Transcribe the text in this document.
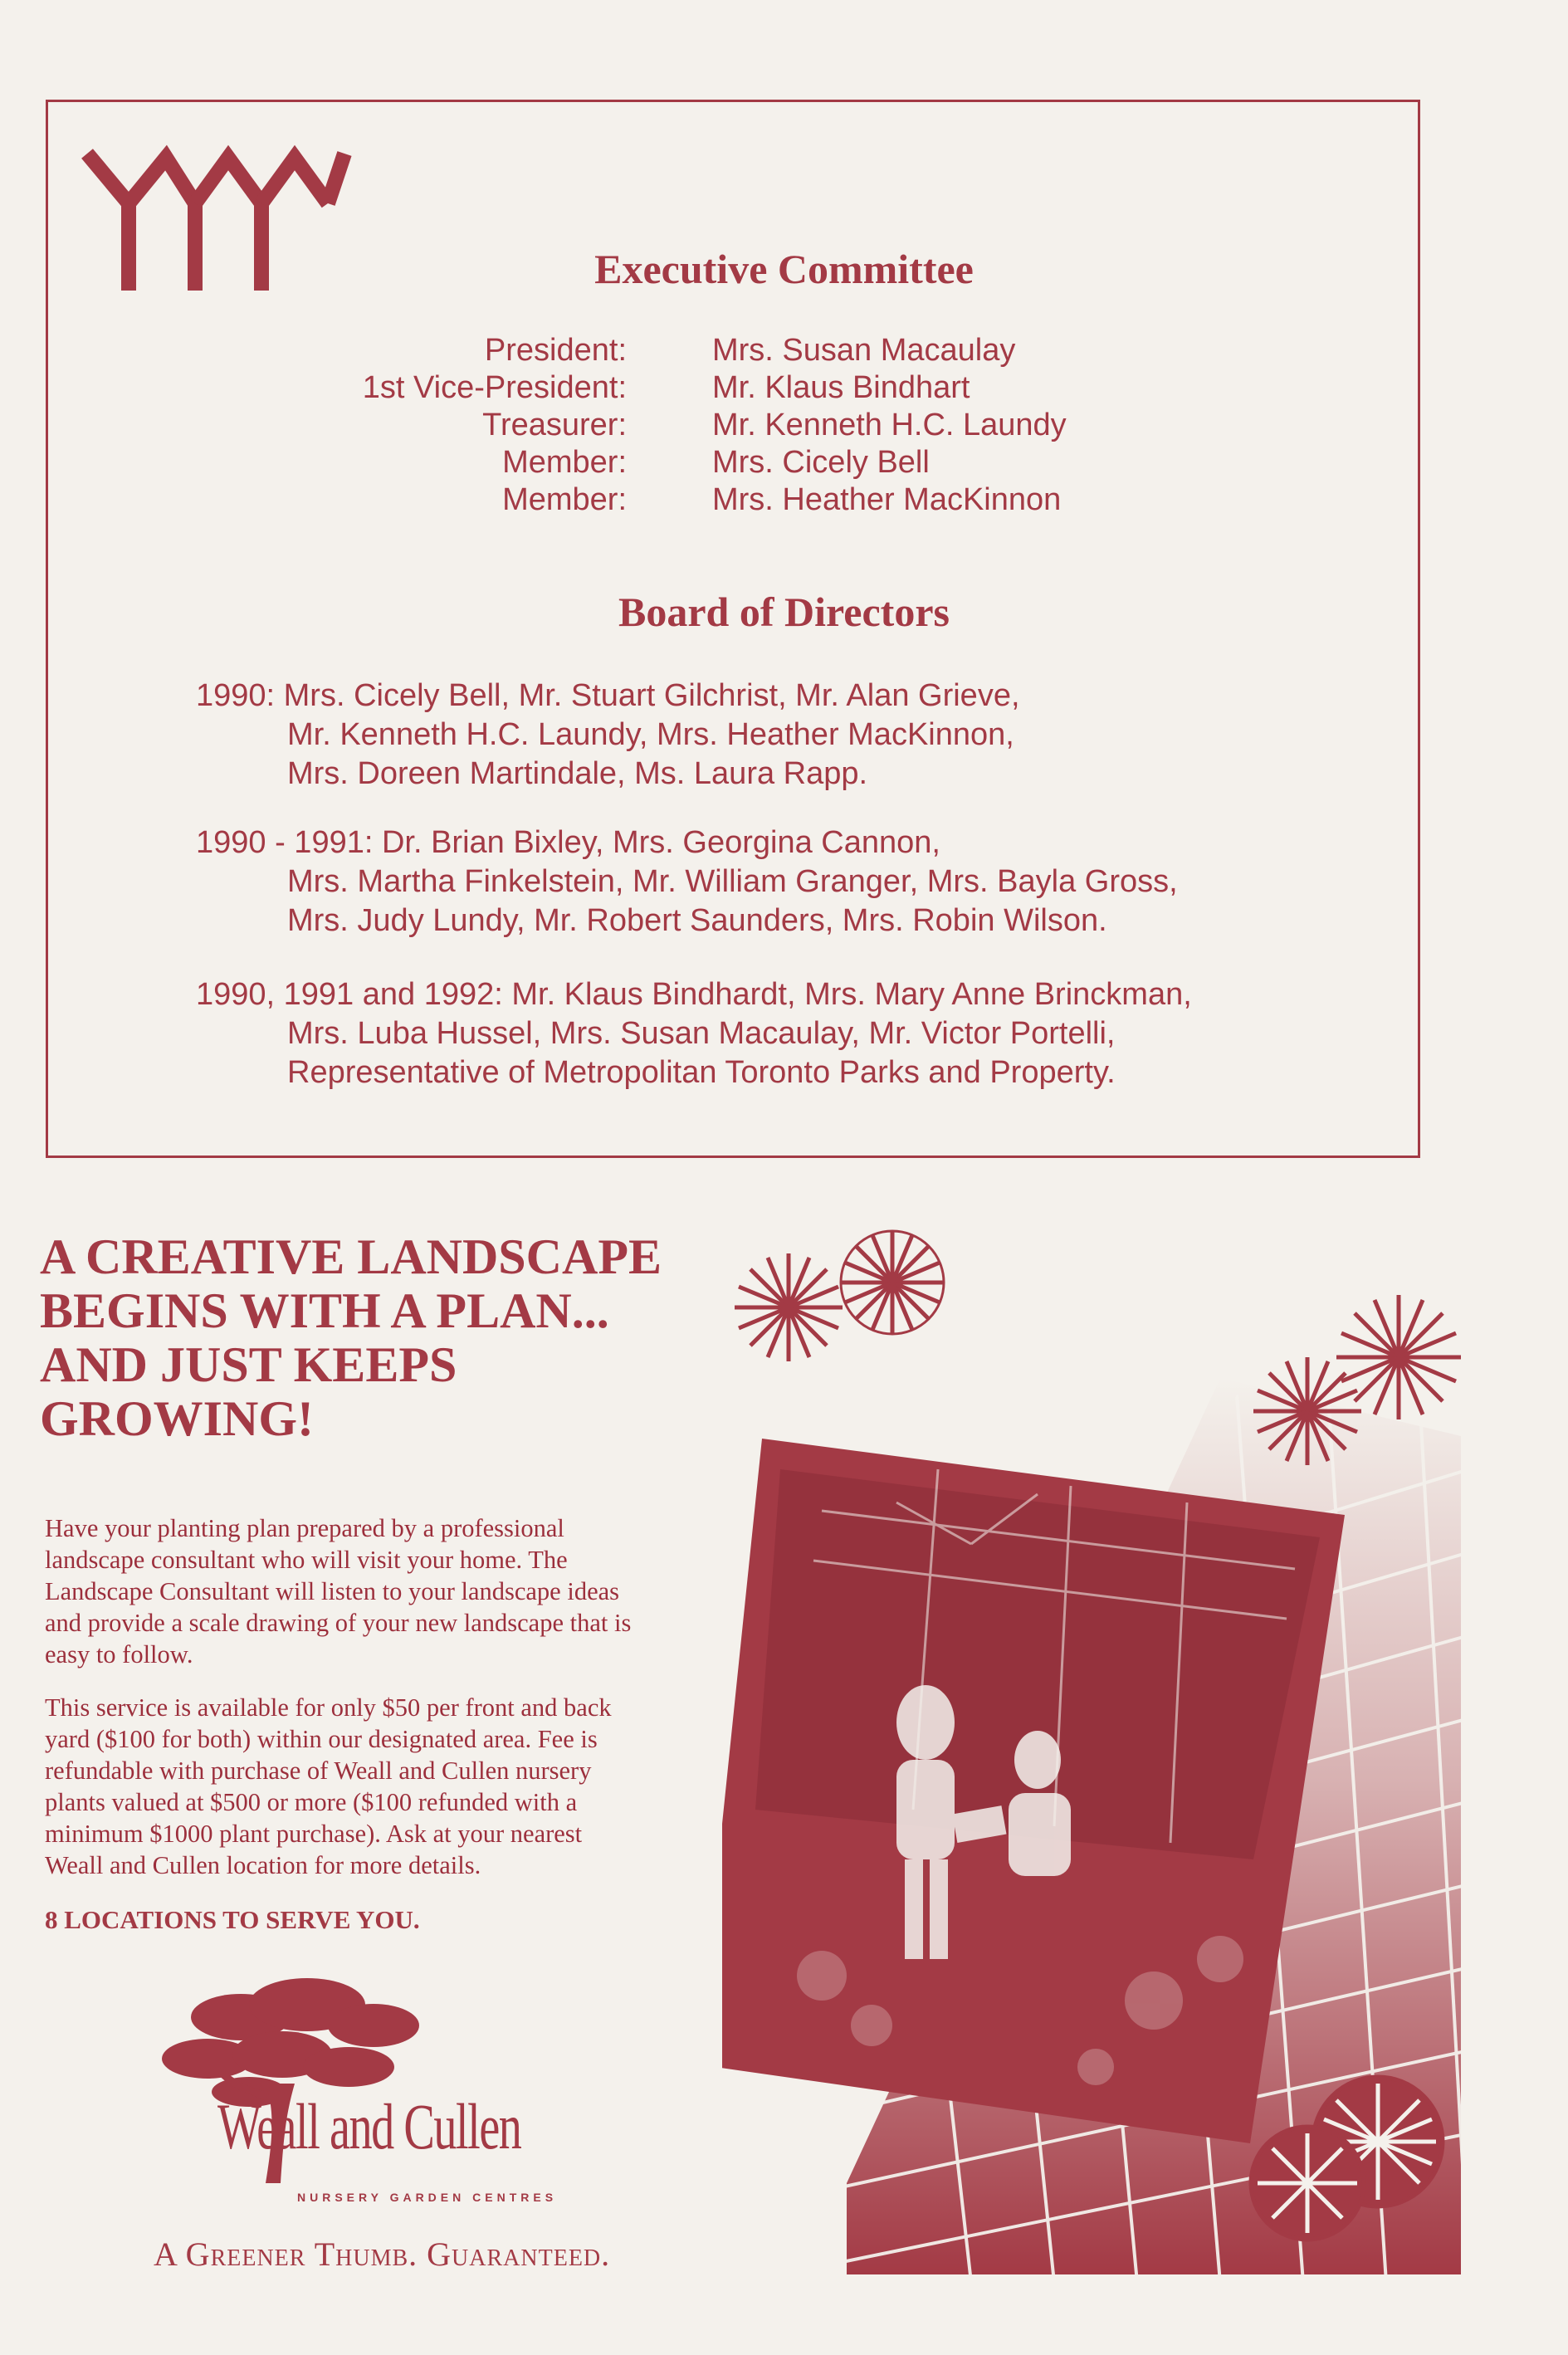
Executive Committee
President:	Mrs. Susan Macaulay
1st Vice-President:	Mr. Klaus Bindhart
Treasurer:	Mr. Kenneth H.C. Laundy
Member:	Mrs. Cicely Bell
Member:	Mrs. Heather MacKinnon
Board of Directors
1990: Mrs. Cicely Bell, Mr. Stuart Gilchrist, Mr. Alan Grieve,
Mr. Kenneth H.C. Laundy, Mrs. Heather MacKinnon,
Mrs. Doreen Martindale, Ms. Laura Rapp.
1990 - 1991: Dr. Brian Bixley, Mrs. Georgina Cannon,
Mrs. Martha Finkelstein, Mr. William Granger, Mrs. Bayla Gross,
Mrs. Judy Lundy, Mr. Robert Saunders, Mrs. Robin Wilson.
1990, 1991 and 1992: Mr. Klaus Bindhardt, Mrs. Mary Anne Brinckman,
Mrs. Luba Hussel, Mrs. Susan Macaulay, Mr. Victor Portelli,
Representative of Metropolitan Toronto Parks and Property.
A CREATIVE LANDSCAPE
BEGINS WITH A PLAN...
AND JUST KEEPS
GROWING!
Have your planting plan prepared by a professional
landscape consultant who will visit your home. The
Landscape Consultant will listen to your landscape ideas
and provide a scale drawing of your new landscape that is
easy to follow.
This service is available for only $50 per front and back
yard ($100 for both) within our designated area. Fee is
refundable with purchase of Weall and Cullen nursery
plants valued at $500 or more ($100 refunded with a
minimum $1000 plant purchase). Ask at your nearest
Weall and Cullen location for more details.
8 LOCATIONS TO SERVE YOU.
Weall and Cullen
NURSERY GARDEN CENTRES
A Greener Thumb. Guaranteed.
